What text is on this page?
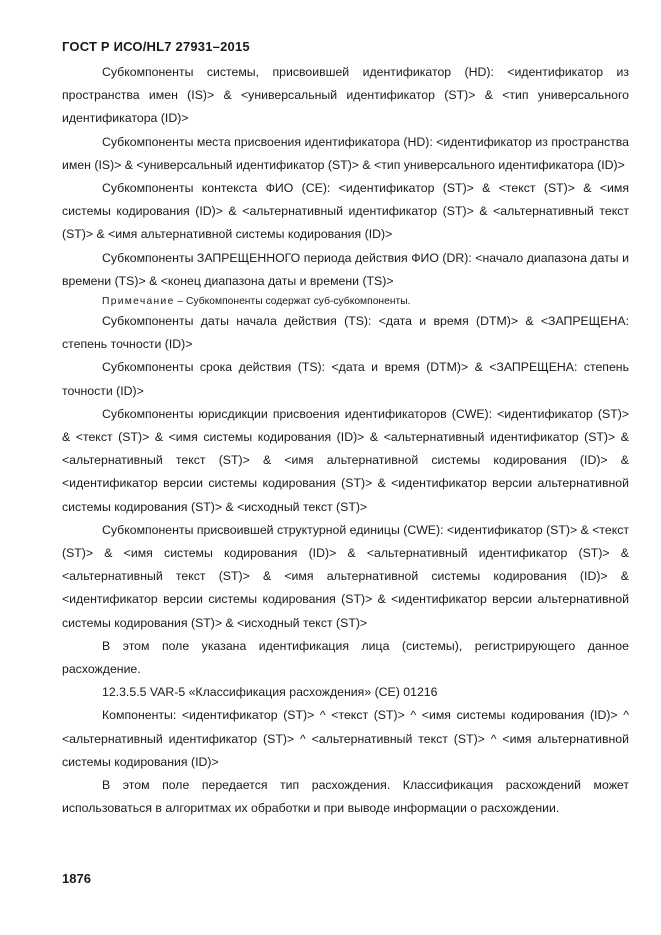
ГОСТ Р ИСО/HL7 27931–2015

Субкомпоненты системы, присвоившей идентификатор (HD): <идентификатор из пространства имен (IS)> & <универсальный идентификатор (ST)> & <тип универсального идентификатора (ID)>

Субкомпоненты места присвоения идентификатора (HD): <идентификатор из пространства имен (IS)> & <универсальный идентификатор (ST)> & <тип универсального идентификатора (ID)>

Субкомпоненты контекста ФИО (CE): <идентификатор (ST)> & <текст (ST)> & <имя системы кодирования (ID)> & <альтернативный идентификатор (ST)> & <альтернативный текст (ST)> & <имя альтернативной системы кодирования (ID)>

Субкомпоненты ЗАПРЕЩЕННОГО периода действия ФИО (DR): <начало диапазона даты и времени (TS)> & <конец диапазона даты и времени (TS)>

Примечание – Субкомпоненты содержат суб-субкомпоненты.

Субкомпоненты даты начала действия (TS): <дата и время (DTM)> & <ЗАПРЕЩЕНА: степень точности (ID)>

Субкомпоненты срока действия (TS): <дата и время (DTM)> & <ЗАПРЕЩЕНА: степень точности (ID)>

Субкомпоненты юрисдикции присвоения идентификаторов (CWE): <идентификатор (ST)> & <текст (ST)> & <имя системы кодирования (ID)> & <альтернативный идентификатор (ST)> & <альтернативный текст (ST)> & <имя альтернативной системы кодирования (ID)> & <идентификатор версии системы кодирования (ST)> & <идентификатор версии альтернативной системы кодирования (ST)> & <исходный текст (ST)>

Субкомпоненты присвоившей структурной единицы (CWE): <идентификатор (ST)> & <текст (ST)> & <имя системы кодирования (ID)> & <альтернативный идентификатор (ST)> & <альтернативный текст (ST)> & <имя альтернативной системы кодирования (ID)> & <идентификатор версии системы кодирования (ST)> & <идентификатор версии альтернативной системы кодирования (ST)> & <исходный текст (ST)>

В этом поле указана идентификация лица (системы), регистрирующего данное расхождение.

12.3.5.5 VAR-5 «Классификация расхождения» (CE) 01216

Компоненты: <идентификатор (ST)> ^ <текст (ST)> ^ <имя системы кодирования (ID)> ^ <альтернативный идентификатор (ST)> ^ <альтернативный текст (ST)> ^ <имя альтернативной системы кодирования (ID)>

В этом поле передается тип расхождения. Классификация расхождений может использоваться в алгоритмах их обработки и при выводе информации о расхождении.

1876
